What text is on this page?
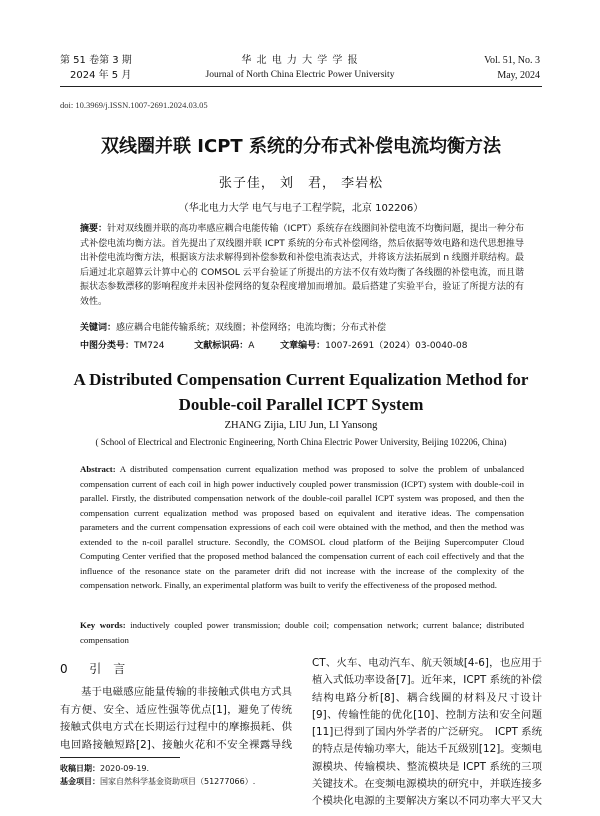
第 51 卷第 3 期
2024 年 5 月
华 北 电 力 大 学 学 报
Journal of North China Electric Power University
Vol. 51, No. 3
May, 2024
doi: 10.3969/j.ISSN.1007-2691.2024.03.05
双线圈并联 ICPT 系统的分布式补偿电流均衡方法
张子佳， 刘　君， 李岩松
（华北电力大学 电气与电子工程学院，北京 102206）
摘要：针对双线圈并联的高功率感应耦合电能传输（ICPT）系统存在线圈间补偿电流不均衡问题，提出一种分布式补偿电流均衡方法。首先提出了双线圈并联 ICPT 系统的分布式补偿网络，然后依据等效电路和迭代思想推导出补偿电流均衡方法，根据该方法求解得到补偿参数和补偿电流表达式，并将该方法拓展到 n 线圈并联结构。最后通过北京超算云计算中心的 COMSOL 云平台验证了所提出的方法不仅有效均衡了各线圈的补偿电流，而且谐振状态参数漂移的影响程度并未因补偿网络的复杂程度增加而增加。最后搭建了实验平台，验证了所提方法的有效性。
关键词：感应耦合电能传输系统；双线圈；补偿网络；电流均衡；分布式补偿
中图分类号：TM724	文献标识码：A	文章编号：1007-2691（2024）03-0040-08
A Distributed Compensation Current Equalization Method for
Double-coil Parallel ICPT System
ZHANG Zijia, LIU Jun, LI Yansong
( School of Electrical and Electronic Engineering, North China Electric Power University, Beijing 102206, China)
Abstract: A distributed compensation current equalization method was proposed to solve the problem of unbalanced compensation current of each coil in high power inductively coupled power transmission (ICPT) system with double-coil in parallel. Firstly, the distributed compensation network of the double-coil parallel ICPT system was proposed, and then the compensation current equalization method was proposed based on equivalent and iterative ideas. The compensation parameters and the current compensation expressions of each coil were obtained with the method, and then the method was extended to the n-coil parallel structure. Secondly, the COMSOL cloud platform of the Beijing Supercomputer Cloud Computing Center verified that the proposed method balanced the compensation current of each coil effectively and that the influence of the resonance state on the parameter drift did not increase with the increase of the complexity of the compensation network. Finally, an experimental platform was built to verify the effectiveness of the proposed method.
Key words: inductively coupled power transmission; double coil; compensation network; current balance; distributed compensation
0 引　言
基于电磁感应能量传输的非接触式供电方式具有方便、安全、适应性强等优点[1]，避免了传统接触式供电方式在长期运行过程中的摩擦损耗、供电回路接触短路[2]、接触火花和不安全裸露导线
CT、火车、电动汽车、航天领域[4-6]，也应用于植入式低功率设备[7]。近年来，ICPT 系统的补偿结构电路分析[8]、耦合线圈的材料及尺寸设计[9]、传输性能的优化[10]、控制方法和安全问题[11]已得到了国内外学者的广泛研究。　ICPT 系统的特点是传输功率大，能达千瓦级别[12]。变频电源模块、传输模块、整流模块是 ICPT 系统的三项关键技术。在变频电源模块的研究中，并联连接多个模块化电源的主要解决方案以不同功率大平又大
收稿日期：2020-09-19.
基金项目：国家自然科学基金资助项目（51277066）.
